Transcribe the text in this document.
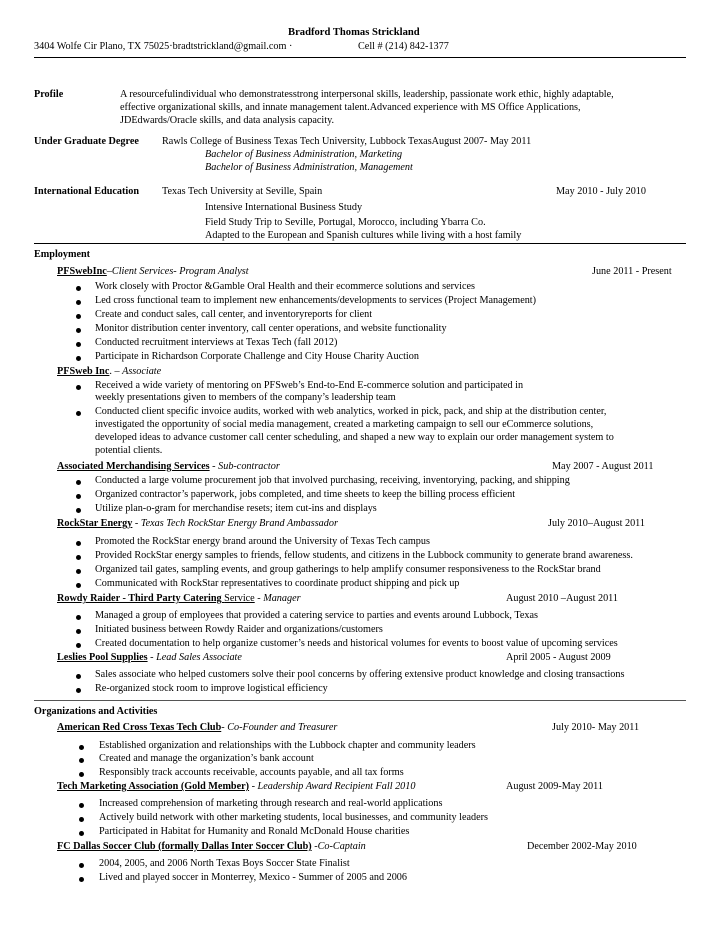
Bradford Thomas Strickland
3404 Wolfe Cir Plano, TX 75025·bradtstrickland@gmail.com ·	Cell # (214) 842-1377
Profile	A resourcefulindividual who demonstratesstrong interpersonal skills, leadership, passionate work ethic, highly adaptable,
effective organizational skills, and innate management talent.Advanced experience with MS Office Applications,
JDEdwards/Oracle skills, and data analysis capacity.
Under Graduate Degree Rawls College of Business Texas Tech University, Lubbock TexasAugust 2007- May 2011
Bachelor of Business Administration, Marketing
Bachelor of Business Administration, Management
International Education Texas Tech University at Seville, Spain	May 2010 - July 2010
Intensive International Business Study
Field Study Trip to Seville, Portugal, Morocco, including Ybarra Co.
Adapted to the European and Spanish cultures while living with a host family
Employment
PFSwebInc–Client Services- Program Analyst	June 2011 - Present
Work closely with Proctor &Gamble Oral Health and their ecommerce solutions and services
Led cross functional team to implement new enhancements/developments to services (Project Management)
Create and conduct sales, call center, and inventoryreports for client
Monitor distribution center inventory, call center operations, and website functionality
Conducted recruitment interviews at Texas Tech (fall 2012)
Participate in Richardson Corporate Challenge and City House Charity Auction
PFSweb Inc. – Associate
Received a wide variety of mentoring on PFSweb’s End-to-End E-commerce solution and participated in
weekly presentations given to members of the company’s leadership team
Conducted client specific invoice audits, worked with web analytics, worked in pick, pack, and ship at the distribution center,
investigated the opportunity of social media management, created a marketing campaign to sell our eCommerce solutions,
developed ideas to advance customer call center scheduling, and shaped a new way to explain our order management system to
potential clients.
Associated Merchandising Services - Sub-contractor	May 2007 - August 2011
Conducted a large volume procurement job that involved purchasing, receiving, inventorying, packing, and shipping
Organized contractor’s paperwork, jobs completed, and time sheets to keep the billing process efficient
Utilize plan-o-gram for merchandise resets; item cut-ins and displays
RockStar Energy - Texas Tech RockStar Energy Brand Ambassador	July 2010–August 2011
Promoted the RockStar energy brand around the University of Texas Tech campus
Provided RockStar energy samples to friends, fellow students, and citizens in the Lubbock community to generate brand awareness.
Organized tail gates, sampling events, and group gatherings to help amplify consumer responsiveness to the RockStar brand
Communicated with RockStar representatives to coordinate product shipping and pick up
Rowdy Raider - Third Party Catering Service - Manager	August 2010 –August 2011
Managed a group of employees that provided a catering service to parties and events around Lubbock, Texas
Initiated business between Rowdy Raider and organizations/customers
Created documentation to help organize customer’s needs and historical volumes for events to boost value of upcoming services
Leslies Pool Supplies - Lead Sales Associate	April 2005 - August 2009
Sales associate who helped customers solve their pool concerns by offering extensive product knowledge and closing transactions
Re-organized stock room to improve logistical efficiency
Organizations and Activities
American Red Cross Texas Tech Club- Co-Founder and Treasurer	July 2010- May 2011
Established organization and relationships with the Lubbock chapter and community leaders
Created and manage the organization’s bank account
Responsibly track accounts receivable, accounts payable, and all tax forms
Tech Marketing Association (Gold Member) - Leadership Award Recipient Fall 2010	August 2009-May 2011
Increased comprehension of marketing through research and real-world applications
Actively build network with other marketing students, local businesses, and community leaders
Participated in Habitat for Humanity and Ronald McDonald House charities
FC Dallas Soccer Club (formally Dallas Inter Soccer Club) -Co-Captain	December 2002-May 2010
2004, 2005, and 2006 North Texas Boys Soccer State Finalist
Lived and played soccer in Monterrey, Mexico - Summer of 2005 and 2006
